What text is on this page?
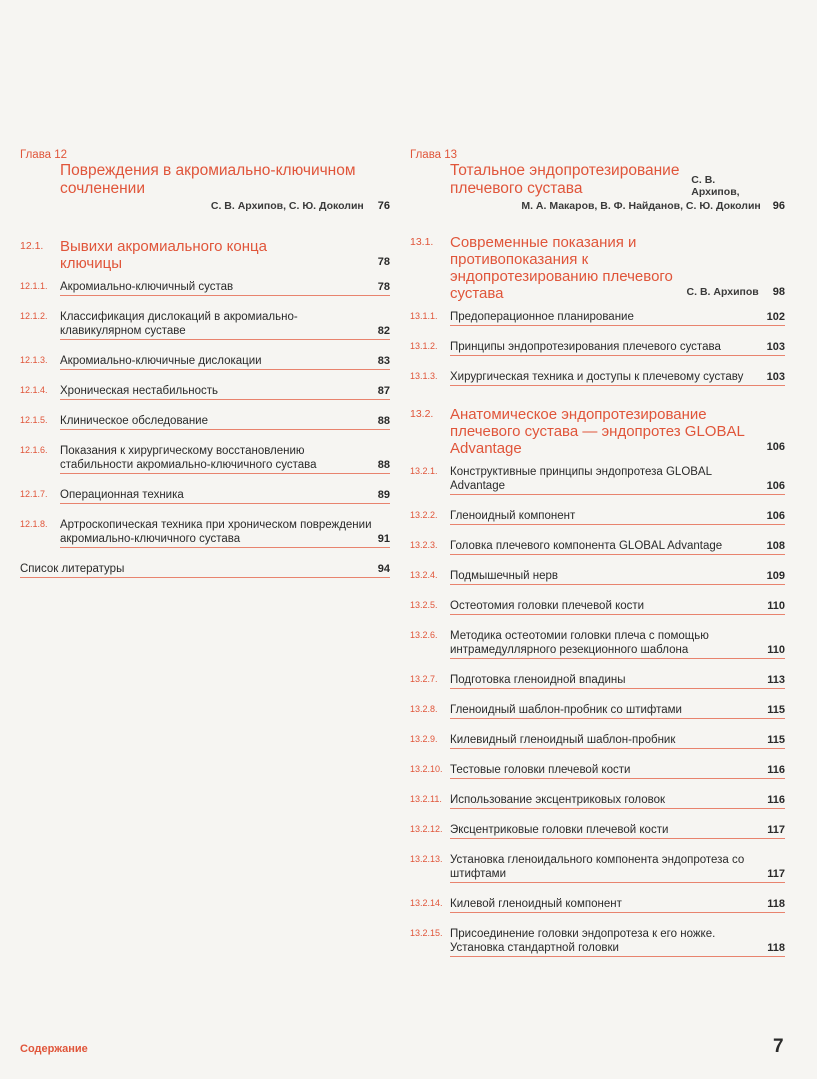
Глава 12
Повреждения в акромиально-ключичном сочленении
С. В. Архипов, С. Ю. Доколин 76
12.1. Вывихи акромиального конца ключицы	78
12.1.1. Акромиально-ключичный сустав	78
12.1.2. Классификация дислокаций в акромиально-клавикулярном суставе	82
12.1.3. Акромиально-ключичные дислокации	83
12.1.4. Хроническая нестабильность	87
12.1.5. Клиническое обследование	88
12.1.6. Показания к хирургическому восстановлению стабильности акромиально-ключичного сустава	88
12.1.7. Операционная техника	89
12.1.8. Артроскопическая техника при хроническом повреждении акромиально-ключичного сустава	91
Список литературы	94
Глава 13
Тотальное эндопротезирование плечевого сустава	С. В. Архипов,
М. А. Макаров, В. Ф. Найданов, С. Ю. Доколин 96
13.1. Современные показания и противопоказания к эндопротезированию плечевого сустава	С. В. Архипов 98
13.1.1. Предоперационное планирование	102
13.1.2. Принципы эндопротезирования плечевого сустава	103
13.1.3. Хирургическая техника и доступы к плечевому суставу	103
13.2. Анатомическое эндопротезирование плечевого сустава — эндопротез GLOBAL Advantage	106
13.2.1. Конструктивные принципы эндопротеза GLOBAL Advantage	106
13.2.2. Гленоидный компонент	106
13.2.3. Головка плечевого компонента GLOBAL Advantage	108
13.2.4. Подмышечный нерв	109
13.2.5. Остеотомия головки плечевой кости	110
13.2.6. Методика остеотомии головки плеча с помощью интрамедуллярного резекционного шаблона	110
13.2.7. Подготовка гленоидной впадины	113
13.2.8. Гленоидный шаблон-пробник со штифтами	115
13.2.9. Килевидный гленоидный шаблон-пробник	115
13.2.10. Тестовые головки плечевой кости	116
13.2.11. Использование эксцентриковых головок	116
13.2.12. Эксцентриковые головки плечевой кости	117
13.2.13. Установка гленоидального компонента эндопротеза со штифтами	117
13.2.14. Килевой гленоидный компонент	118
13.2.15. Присоединение головки эндопротеза к его ножке. Установка стандартной головки	118
Содержание	7
